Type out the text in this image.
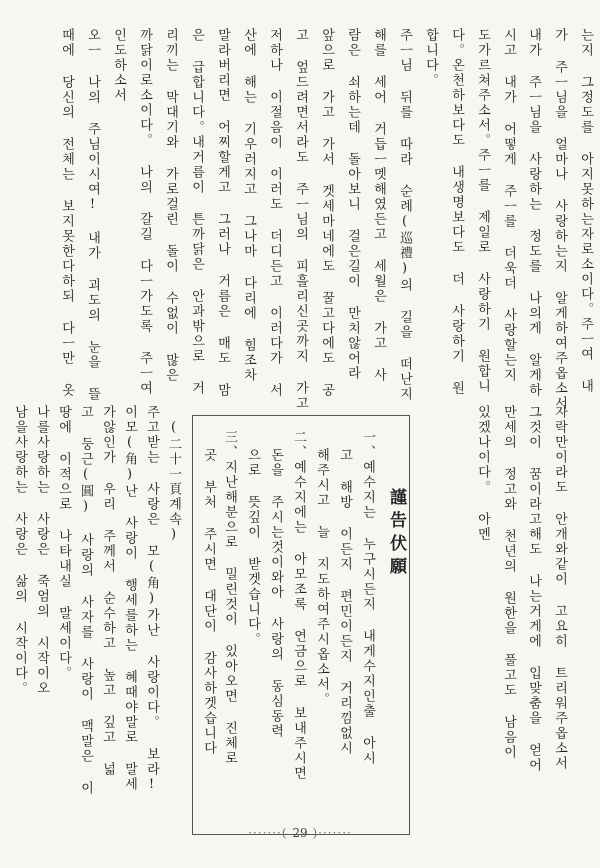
는지 그정도를 아지못하는자로소이다。주ㅡ여 내
가 주ㅡ님을 얼마나 사랑하는지 알게하여주옵소서
내가 주ㅡ님을 사랑하는 정도를 나의게 알게하
시고 내가 어떻게 주ㅡ를 더욱더 사랑할는지
도가르쳐주소서。주ㅡ를 제일로 사랑하기 원합니
다。온천하보다도 내생명보다도 더 사랑하기 원
합니다。
주ㅡ님 뒤를 따라 순례(巡禮)의 길을 떠난지
해를 세어 거듭ㅡ멧해였든고 세월은 가고 사
람은 쇠하는데 돌아보니 걸은길이 만치않어라
앞으로 가고 가서 겟세마네에도 꿀고다에도 공
고 엎드려면서라도 주ㅡ님의 피흘리신곳까지 가고
저하나 이절음이 이러도 더디든고 이러다가 서
산에 해는 기우러지고 그나마 다리에 힘조차
말라버리면 어찌할게고 그러나 거름은 매도 맘
은 급합니다。내거름이 튼까닭은 안과밖으로 거
리끼는 막대기와 가로걸린 돌이 수없이 많은
까닭이로소이다。 나의 갈길 다ㅡ가도록 주ㅡ여
인도하소서
오ㅡ 나의 주님이시여! 내가 괴도의 눈을 뜰
때에 당신의 전체는 보지못한다하되 다ㅡ만 옷
자락만이라도 안개와같이 고요히 트리워주옵소서
그것이 꿈이라고해도 나는거게에 입맞춤을 얻어
만세의 정고와 천년의 원한을 풀고도 남음이
있겠나이다。 아멘
謹告伏願
一、예수지는 누구시든지 내게수지인출 아시
고 해방 이든지 편민이든지 거리낌없시
해주시고 늘 지도하여주시옵소서。
二、예수지에는 아모조록 연금으로 보내주시면
돈을 주시는것이와아 사랑의 동심동력
으로 뜻깊이 받겟습니다。
三、지난해분으로 밀린것이 있아오면 진체로
곳 부처 주시면 대단이 감사하겟습니다
(二十一頁계속)
주고받는 사랑은 모(角)가난 사랑이다。 보라!
이모(角)난 사랑이 행세를하는 혜때야말로 말세
가않인가 우리 주께서 순수하고 높고 깊고 넓
고 둥근(圓) 사랑의 사자를 사랑이 맥말은 이
땅에 이적으로 나타내실 말세이다。
나를사랑하는 사랑은 죽엄의 시작이오
남을사랑하는 사랑은 삶의 시작이다。
·······( 29 )·······
